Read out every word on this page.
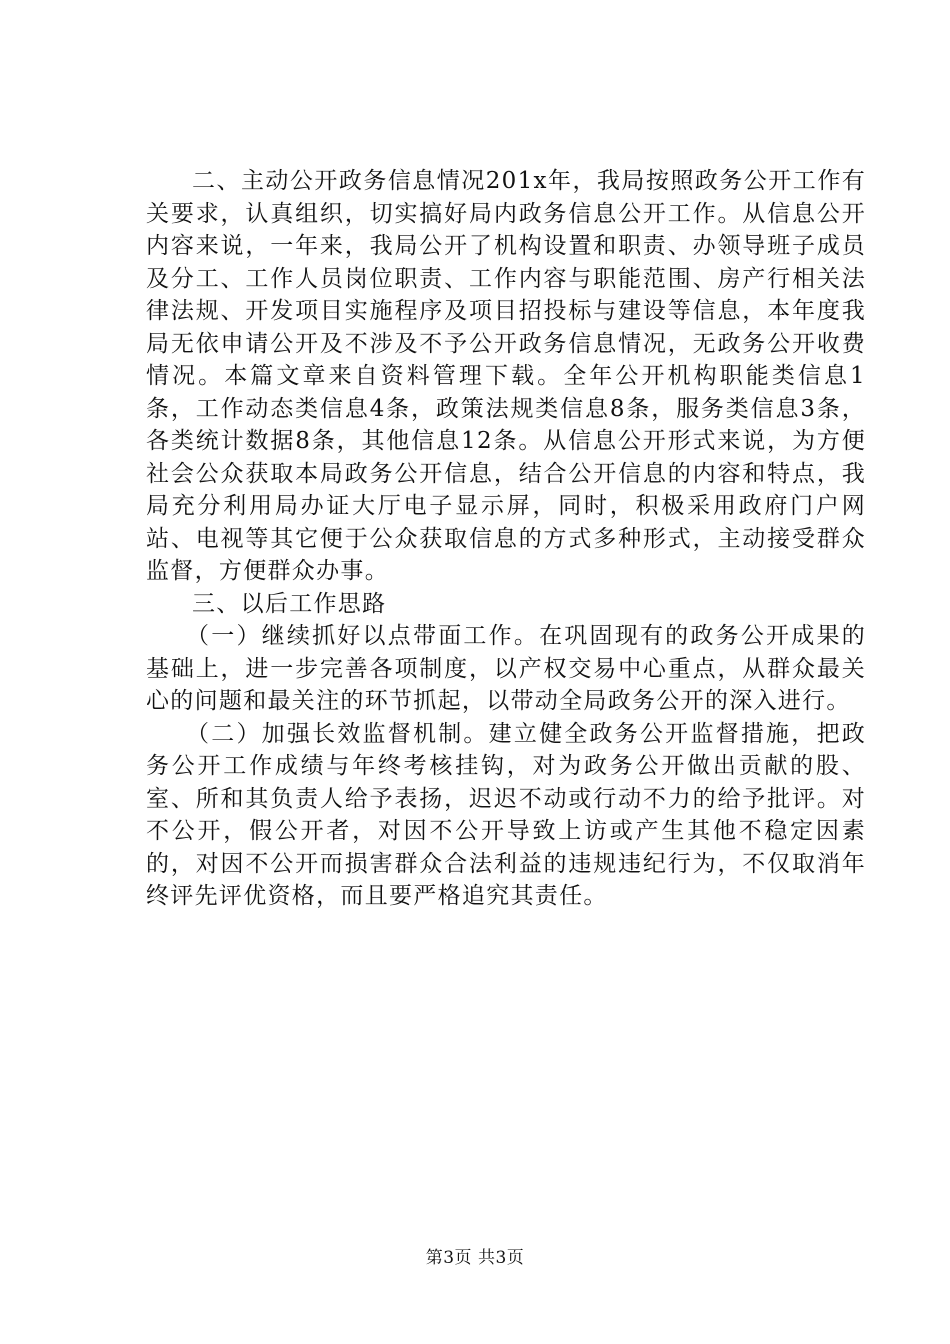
二、主动公开政务信息情况201x年，我局按照政务公开工作有关要求，认真组织，切实搞好局内政务信息公开工作。从信息公开内容来说，一年来，我局公开了机构设置和职责、办领导班子成员及分工、工作人员岗位职责、工作内容与职能范围、房产行相关法律法规、开发项目实施程序及项目招投标与建设等信息，本年度我局无依申请公开及不涉及不予公开政务信息情况，无政务公开收费情况。本篇文章来自资料管理下载。全年公开机构职能类信息1条，工作动态类信息4条，政策法规类信息8条，服务类信息3条，各类统计数据8条，其他信息12条。从信息公开形式来说，为方便社会公众获取本局政务公开信息，结合公开信息的内容和特点，我局充分利用局办证大厅电子显示屏，同时，积极采用政府门户网站、电视等其它便于公众获取信息的方式多种形式，主动接受群众监督，方便群众办事。

三、以后工作思路

（一）继续抓好以点带面工作。在巩固现有的政务公开成果的基础上，进一步完善各项制度，以产权交易中心重点，从群众最关心的问题和最关注的环节抓起，以带动全局政务公开的深入进行。

（二）加强长效监督机制。建立健全政务公开监督措施，把政务公开工作成绩与年终考核挂钩，对为政务公开做出贡献的股、室、所和其负责人给予表扬，迟迟不动或行动不力的给予批评。对不公开，假公开者，对因不公开导致上访或产生其他不稳定因素的，对因不公开而损害群众合法利益的违规违纪行为，不仅取消年终评先评优资格，而且要严格追究其责任。

第3页 共3页
